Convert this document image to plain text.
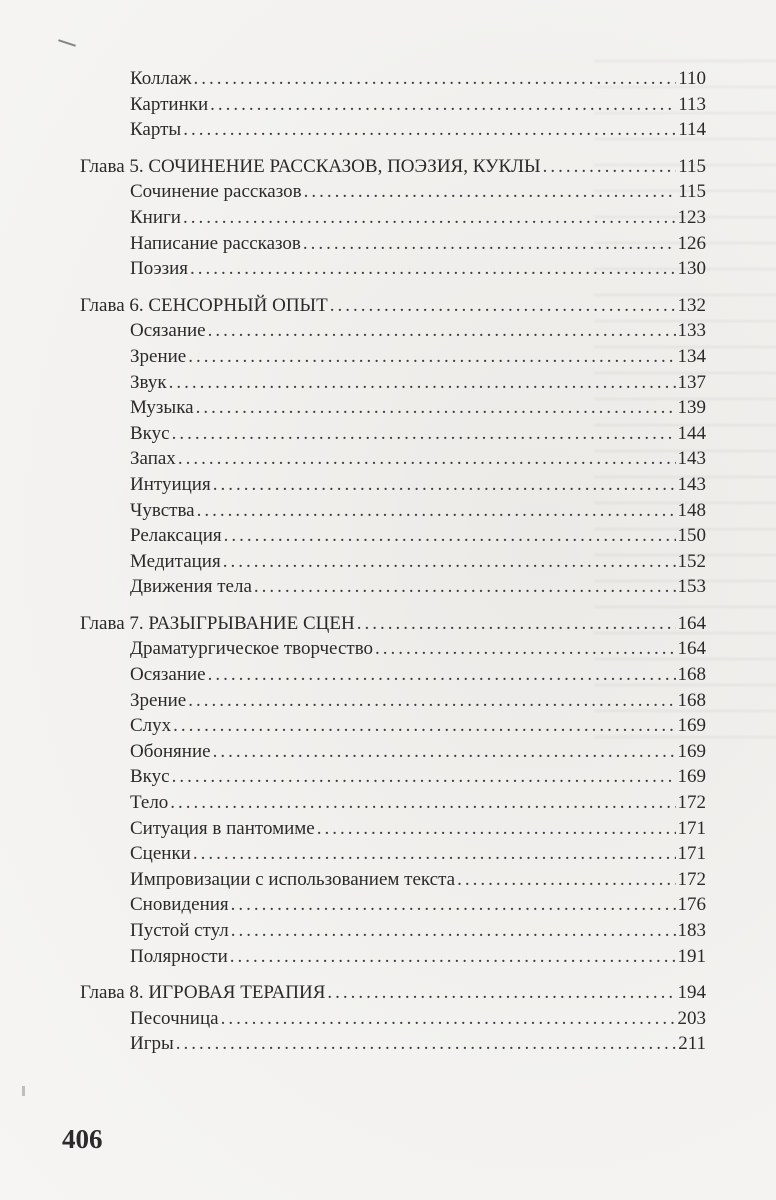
Коллаж .....	110
Картинки .....	113
Карты .....	114
Глава 5. СОЧИНЕНИЕ РАССКАЗОВ, ПОЭЗИЯ, КУКЛЫ .....	115
Сочинение рассказов .....	115
Книги .....	123
Написание рассказов .....	126
Поэзия .....	130
Глава 6. СЕНСОРНЫЙ ОПЫТ .....	132
Осязание .....	133
Зрение .....	134
Звук .....	137
Музыка .....	139
Вкус .....	144
Запах .....	143
Интуиция .....	143
Чувства .....	148
Релаксация .....	150
Медитация .....	152
Движения тела .....	153
Глава 7. РАЗЫГРЫВАНИЕ СЦЕН .....	164
Драматургическое творчество .....	164
Осязание .....	168
Зрение .....	168
Слух .....	169
Обоняние .....	169
Вкус .....	169
Тело .....	172
Ситуация в пантомиме .....	171
Сценки .....	171
Импровизации с использованием текста .....	172
Сновидения .....	176
Пустой стул .....	183
Полярности .....	191
Глава 8. ИГРОВАЯ ТЕРАПИЯ .....	194
Песочница .....	203
Игры .....	211
406
